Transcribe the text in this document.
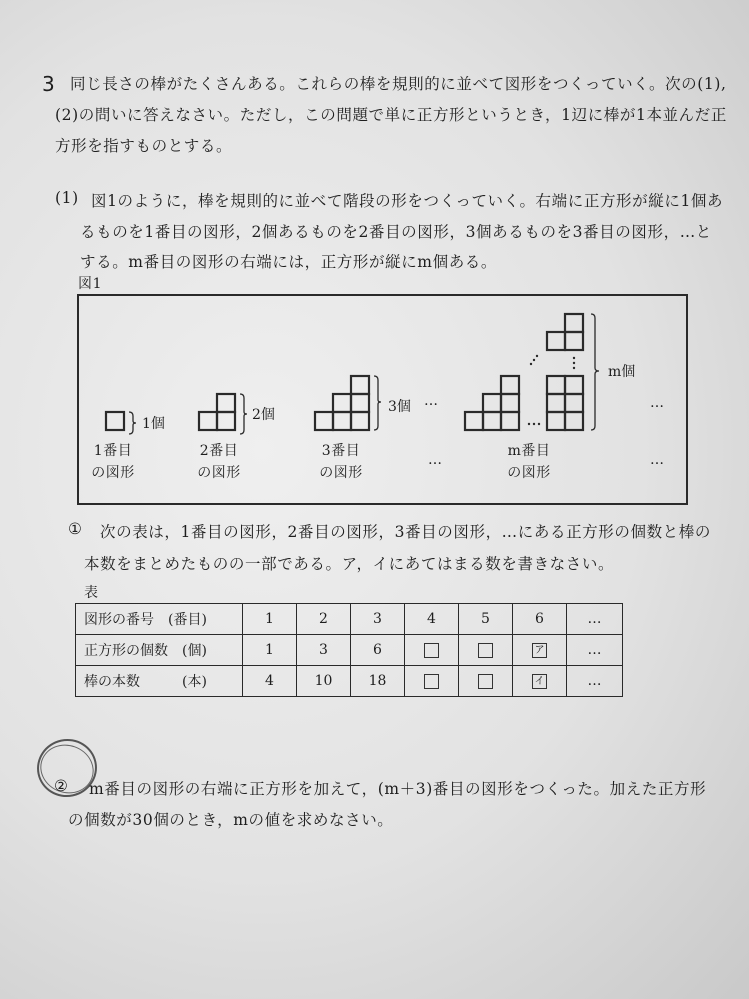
3 同じ長さの棒がたくさんある。これらの棒を規則的に並べて図形をつくっていく。次の(1),
(2)の問いに答えなさい。ただし，この問題で単に正方形というとき，1辺に棒が1本並んだ正
方形を指すものとする。
(1) 図1のように，棒を規則的に並べて階段の形をつくっていく。右端に正方形が縦に1個あ
るものを1番目の図形，2個あるものを2番目の図形，3個あるものを3番目の図形，…と
する。m番目の図形の右端には，正方形が縦にm個ある。
図1
1個
2個	3個 …
m個
…
1番目
の図形
2番目
の図形
3番目
の図形
…
m番目
の図形
…
① 次の表は，1番目の図形，2番目の図形，3番目の図形，…にある正方形の個数と棒の
本数をまとめたものの一部である。ア，イにあてはまる数を書きなさい。
表
図形の番号　(番目)	1	2	3	4	5	6	…
正方形の個数　(個)	1	3	6			ア	…
棒の本数　　　(本)	4	10	18			イ	…
② m番目の図形の右端に正方形を加えて，(m＋3)番目の図形をつくった。加えた正方形
の個数が30個のとき，mの値を求めなさい。
